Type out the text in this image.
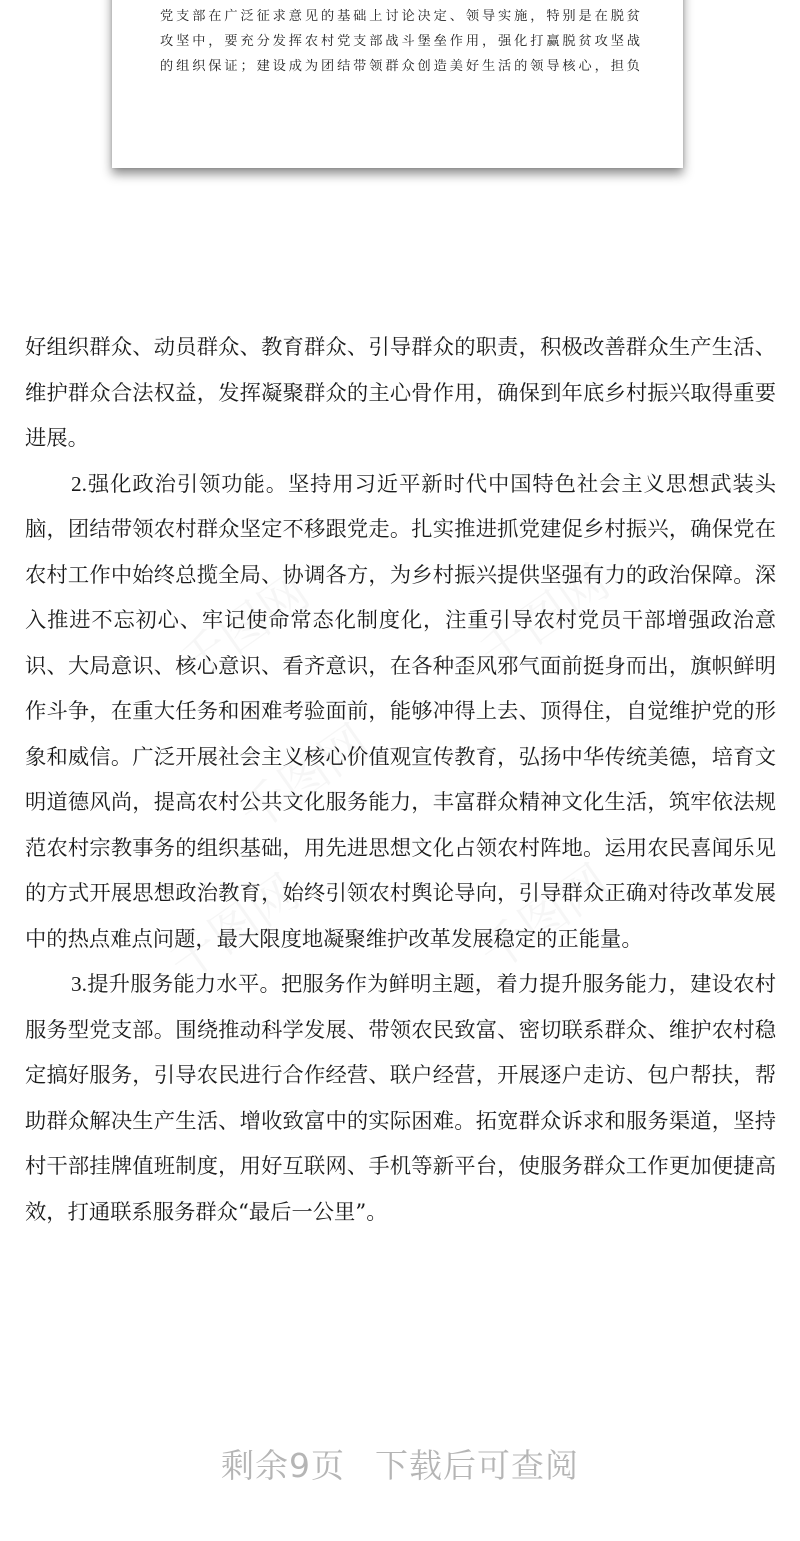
党支部在广泛征求意见的基础上讨论决定、领导实施，特别是在脱贫

攻坚中，要充分发挥农村党支部战斗堡垒作用，强化打赢脱贫攻坚战

的组织保证；建设成为团结带领群众创造美好生活的领导核心，担负

好组织群众、动员群众、教育群众、引导群众的职责，积极改善群众生产生活、维护群众合法权益，发挥凝聚群众的主心骨作用，确保到年底乡村振兴取得重要进展。

2.强化政治引领功能。坚持用习近平新时代中国特色社会主义思想武装头脑，团结带领农村群众坚定不移跟党走。扎实推进抓党建促乡村振兴，确保党在农村工作中始终总揽全局、协调各方，为乡村振兴提供坚强有力的政治保障。深入推进不忘初心、牢记使命常态化制度化，注重引导农村党员干部增强政治意识、大局意识、核心意识、看齐意识，在各种歪风邪气面前挺身而出，旗帜鲜明作斗争，在重大任务和困难考验面前，能够冲得上去、顶得住，自觉维护党的形象和威信。广泛开展社会主义核心价值观宣传教育，弘扬中华传统美德，培育文明道德风尚，提高农村公共文化服务能力，丰富群众精神文化生活，筑牢依法规范农村宗教事务的组织基础，用先进思想文化占领农村阵地。运用农民喜闻乐见的方式开展思想政治教育，始终引领农村舆论导向，引导群众正确对待改革发展中的热点难点问题，最大限度地凝聚维护改革发展稳定的正能量。

3.提升服务能力水平。把服务作为鲜明主题，着力提升服务能力，建设农村服务型党支部。围绕推动科学发展、带领农民致富、密切联系群众、维护农村稳定搞好服务，引导农民进行合作经营、联户经营，开展逐户走访、包户帮扶，帮助群众解决生产生活、增收致富中的实际困难。拓宽群众诉求和服务渠道，坚持村干部挂牌值班制度，用好互联网、手机等新平台，使服务群众工作更加便捷高效，打通联系服务群众“最后一公里”。

剩余9页 下载后可查阅
